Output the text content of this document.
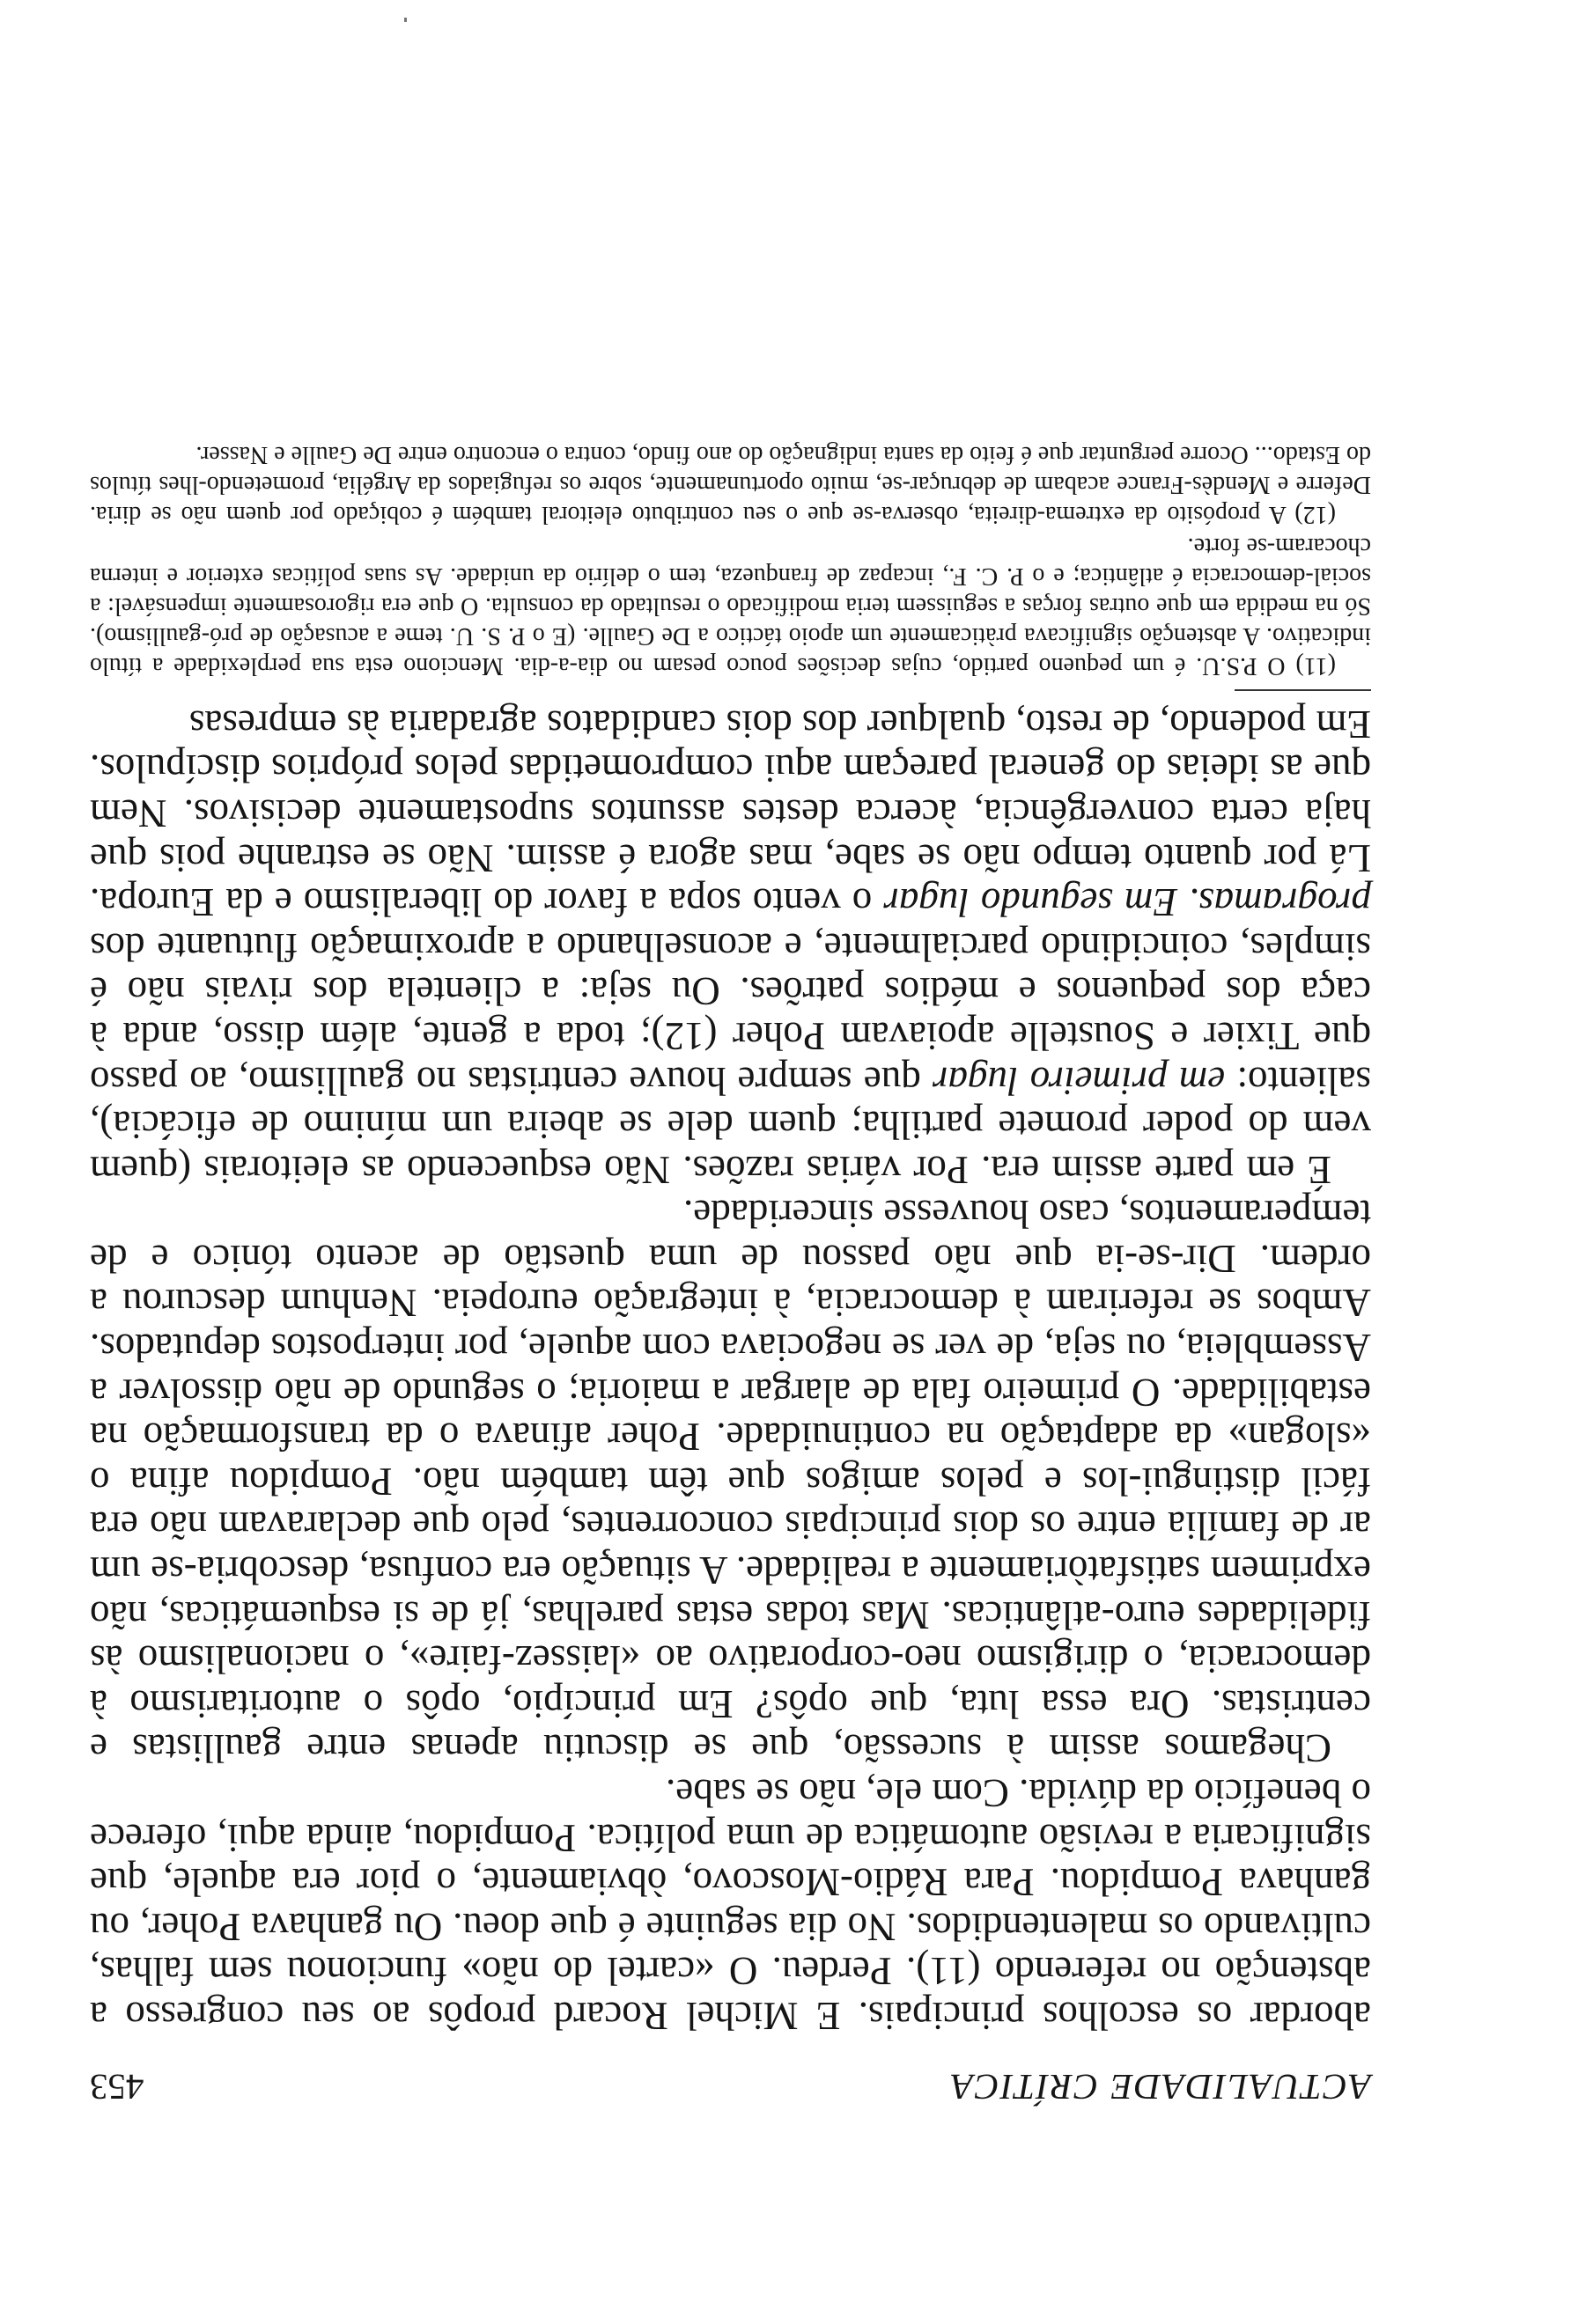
ACTUALIDADE CRÍTICA
453

abordar os escolhos principais. E Michel Rocard propôs ao seu congresso a abstenção no referendo (11). Perdeu. O «cartel do não» funcionou sem falhas, cultivando os malentendidos. No dia seguinte é que doeu. Ou ganhava Poher, ou ganhava Pompidou. Para Rádio-Moscovo, òbviamente, o pior era aquele, que significaria a revisão automática de uma política. Pompidou, ainda aqui, oferece o benefício da dúvida. Com ele, não se sabe.

Chegamos assim à sucessão, que se discutiu apenas entre gaullistas e centristas. Ora essa luta, que opôs? Em princípio, opôs o autoritarismo à democracia, o dirigismo neo-corporativo ao «laissez-faire», o nacionalismo às fidelidades euro-atlânticas. Mas todas estas parelhas, já de si esquemáticas, não exprimem satisfatòriamente a realidade. A situação era confusa, descobria-se um ar de família entre os dois principais concorrentes, pelo que declaravam não era fácil distingui-los e pelos amigos que têm também não. Pompidou afina o «slogan» da adaptação na continuidade. Poher afinava o da transformação na estabilidade. O primeiro fala de alargar a maioria; o segundo de não dissolver a Assembleia, ou seja, de ver se negociava com aquele, por interpostos deputados. Ambos se referiram à democracia, à integração europeia. Nenhum descurou a ordem. Dir-se-ia que não passou de uma questão de acento tónico e de temperamentos, caso houvesse sinceridade.

É em parte assim era. Por várias razões. Não esquecendo as eleitorais (quem vem do poder promete partilha; quem dele se abeira um mínimo de eficácia), saliento: em primeiro lugar que sempre houve centristas no gaullismo, ao passo que Tixier e Soustelle apoiavam Poher (12); toda a gente, além disso, anda à caça dos pequenos e médios patrões. Ou seja: a clientela dos rivais não é simples, coincidindo parcialmente, e aconselhando a aproximação flutuante dos programas. Em segundo lugar o vento sopa a favor do liberalismo e da Europa. Lá por quanto tempo não se sabe, mas agora é assim. Não se estranhe pois que haja certa convergência, àcerca destes assuntos supostamente decisivos. Nem que as ideias do general pareçam aqui comprometidas pelos próprios discípulos. Em podendo, de resto, qualquer dos dois candidatos agradaria às empresas

(11) O P.S.U. é um pequeno partido, cujas decisões pouco pesam no dia-a-dia. Menciono esta sua perplexidade a título indicativo. A abstenção significava pràticamente um apoio táctico a De Gaulle. (E o P. S. U. teme a acusação de pró-gaullismo). Só na medida em que outras forças a seguissem teria modificado o resultado da consulta. O que era rigorosamente impensável: a social-democracia é atlântica; e o P. C. F., incapaz de franqueza, tem o delírio da unidade. As suas políticas exterior e interna chocaram-se forte.

(12) A propósito da extrema-direita, observa-se que o seu contributo eleitoral também é cobiçado por quem não se diria. Deferre e Mendès-France acabam de debruçar-se, muito oportunamente, sobre os refugiados da Argélia, prometendo-lhes títulos do Estado... Ocorre perguntar que é feito da santa indignação do ano findo, contra o encontro entre De Gaulle e Nasser.
